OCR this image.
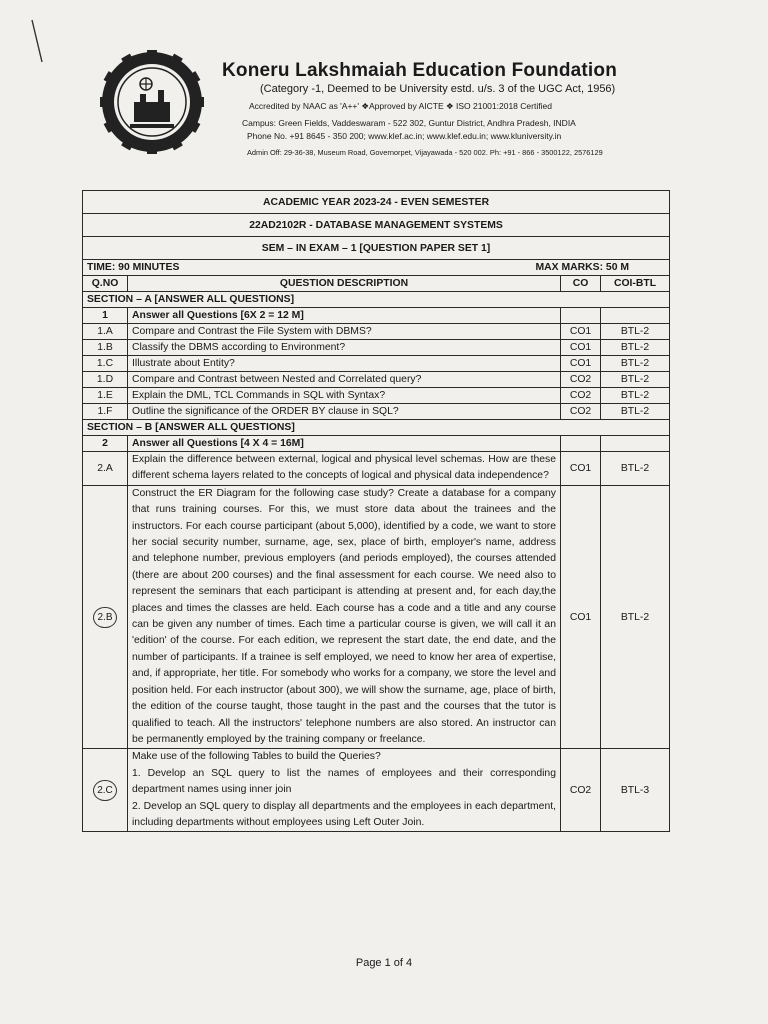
Koneru Lakshmaiah Education Foundation
(Category -1, Deemed to be University estd. u/s. 3 of the UGC Act, 1956)
Accredited by NAAC as 'A++' ❖Approved by AICTE ❖ ISO 21001:2018 Certified
Campus: Green Fields, Vaddeswaram - 522 302, Guntur District, Andhra Pradesh, INDIA
Phone No. +91 8645 - 350 200; www.klef.ac.in; www.klef.edu.in; www.kluniversity.in
Admin Off: 29-36-38, Museum Road, Governorpet, Vijayawada - 520 002. Ph: +91 - 866 - 3500122, 2576129
ACADEMIC YEAR 2023-24 - EVEN SEMESTER			
22AD2102R - DATABASE MANAGEMENT SYSTEMS			
SEM – IN EXAM – 1 [QUESTION PAPER SET 1]			

TIME: 90 MINUTES MAX MARKS: 50 M			

Q.NO	QUESTION DESCRIPTION	CO	COI-BTL
SECTION – A [ANSWER ALL QUESTIONS]			
1	Answer all Questions [6X 2 = 12 M]		
1.A	Compare and Contrast the File System with DBMS?	CO1	BTL-2
1.B	Classify the DBMS according to Environment?	CO1	BTL-2
1.C	Illustrate about Entity?	CO1	BTL-2
1.D	Compare and Contrast between Nested and Correlated query?	CO2	BTL-2
1.E	Explain the DML, TCL Commands in SQL with Syntax?	CO2	BTL-2
1.F	Outline the significance of the ORDER BY clause in SQL?	CO2	BTL-2
SECTION – B [ANSWER ALL QUESTIONS]			
2	Answer all Questions [4 X 4 = 16M]		
2.A	Explain the difference between external, logical and physical level schemas. How are these different schema layers related to the concepts of logical and physical data independence?	CO1	BTL-2
2.B	Construct the ER Diagram for the following case study? Create a database for a company that runs training courses. For this, we must store data about the trainees and the instructors. For each course participant (about 5,000), identified by a code, we want to store her social security number, surname, age, sex, place of birth, employer's name, address and telephone number, previous employers (and periods employed), the courses attended (there are about 200 courses) and the final assessment for each course. We need also to represent the seminars that each participant is attending at present and, for each day,the places and times the classes are held. Each course has a code and a title and any course can be given any number of times. Each time a particular course is given, we will call it an 'edition' of the course. For each edition, we represent the start date, the end date, and the number of participants. If a trainee is self employed, we need to know her area of expertise, and, if appropriate, her title. For somebody who works for a company, we store the level and position held. For each instructor (about 300), we will show the surname, age, place of birth, the edition of the course taught, those taught in the past and the courses that the tutor is qualified to teach. All the instructors' telephone numbers are also stored. An instructor can be permanently employed by the training company or freelance.	CO1	BTL-2
2.C	Make use of the following Tables to build the Queries?
1. Develop an SQL query to list the names of employees and their corresponding department names using inner join
2. Develop an SQL query to display all departments and the employees in each department, including departments without employees using Left Outer Join.	CO2	BTL-3
Page 1 of 4
